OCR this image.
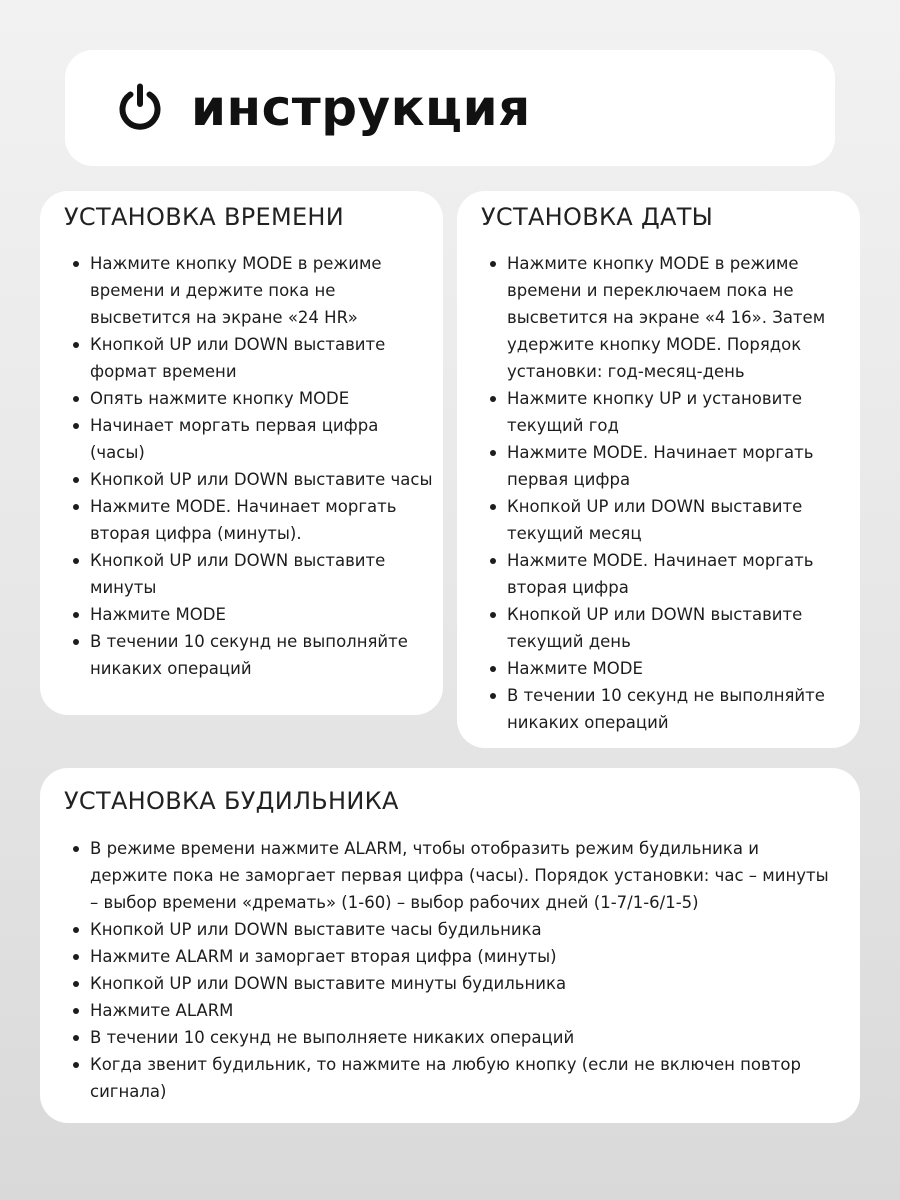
инструкция
УСТАНОВКА ВРЕМЕНИ
Нажмите кнопку MODE в режиме времени и держите пока не высветится на экране «24 HR»
Кнопкой UP или DOWN выставите формат времени
Опять нажмите кнопку MODE
Начинает моргать первая цифра (часы)
Кнопкой UP или DOWN выставите часы
Нажмите MODE. Начинает моргать вторая цифра (минуты).
Кнопкой UP или DOWN выставите минуты
Нажмите MODE
В течении 10 секунд не выполняйте никаких операций
УСТАНОВКА ДАТЫ
Нажмите кнопку MODE в режиме времени и переключаем пока не высветится на экране «4 16». Затем удержите кнопку MODE. Порядок установки: год-месяц-день
Нажмите кнопку UP и установите текущий год
Нажмите MODE. Начинает моргать первая цифра
Кнопкой UP или DOWN выставите текущий месяц
Нажмите MODE. Начинает моргать вторая цифра
Кнопкой UP или DOWN выставите текущий день
Нажмите MODE
В течении 10 секунд не выполняйте никаких операций
УСТАНОВКА БУДИЛЬНИКА
В режиме времени нажмите ALARM, чтобы отобразить режим будильника и держите пока не заморгает первая цифра (часы). Порядок установки: час – минуты – выбор времени «дремать» (1-60) – выбор рабочих дней (1-7/1-6/1-5)
Кнопкой UP или DOWN выставите часы будильника
Нажмите ALARM и заморгает вторая цифра (минуты)
Кнопкой UP или DOWN выставите минуты будильника
Нажмите ALARM
В течении 10 секунд не выполняете никаких операций
Когда звенит будильник, то нажмите на любую кнопку (если не включен повтор сигнала)
